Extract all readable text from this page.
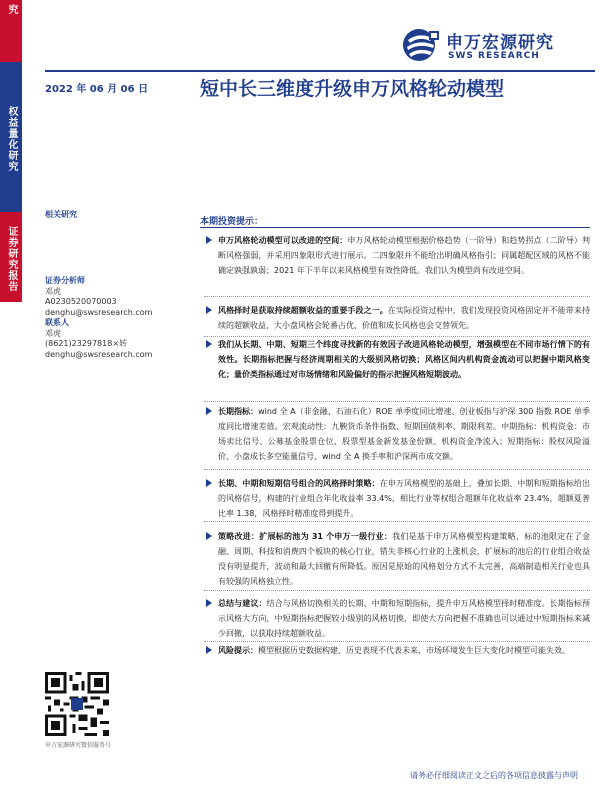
权益量化研究
权益量化研究
证券研究报告
申万宏源研究
SWS RESEARCH
2022 年 06 月 06 日	短中长三维度升级申万风格轮动模型
相关研究
证券分析师
邓虎
A0230520070003
denghu@swsresearch.com
联系人
邓虎
(8621)23297818×转
denghu@swsresearch.com
申万宏源研究微信服务号
本期投资提示：
申万风格轮动模型可以改进的空间：申万风格轮动模型根据价格趋势（一阶导）和趋势拐点（二阶导）判断风格强弱，并采用四象限形式进行展示。二四象限并不能给出明确风格指引；同属超配区域的风格不能确定孰强孰弱；2021 年下半年以来风格模型有效性降低。我们认为模型尚有改进空间。
风格择时是获取持续超额收益的重要手段之一。在实际投资过程中，我们发现投资风格固定并不能带来持续的超额收益，大小盘风格会轮番占优，价值和成长风格也会交替领先。
我们从长期、中期、短期三个纬度寻找新的有效因子改进风格轮动模型，增强模型在不同市场行情下的有效性。长期指标把握与经济周期相关的大级别风格切换；风格区间内机构资金流动可以把握中期风格变化；量价类指标通过对市场情绪和风险偏好的指示把握风格短期波动。
长期指标：wind 全 A（非金融、石油石化）ROE 单季度同比增速、创业板指与沪深 300 指数 ROE 单季度同比增速差值。宏观流动性：九鞅货币条件指数、短期国债利率、期限利差。中期指标：机构资金：市场卖比信号、公募基金股票仓位、股票型基金新发基金份额、机构资金净流入；短期指标：股权风险溢价、小盘成长多空能量信号、wind 全 A 换手率和沪深两市成交额。
长期、中期和短期信号组合的风格择时策略：在申万风格模型的基础上，叠加长期、中期和短期指标给出的风格信号，构建的行业组合年化收益率 33.4%，相比行业等权组合超额年化收益率 23.4%，超额夏普比率 1.38，风格择时精准度得到提升。
策略改进：扩展标的池为 31 个申万一级行业：我们是基于申万风格模型构建策略，标的池限定在了金融、周期、科技和消费四个板块的核心行业，错失非核心行业的上涨机会，扩展标的池后的行业组合收益没有明显提升，波动和最大回撤有所降低。原因是原始的风格划分方式不太完善，高端制造相关行业也具有较强的风格独立性。
总结与建议：结合与风格切换相关的长期、中期和短期指标，提升申万风格模型择时精准度。长期指标预示风格大方向，中短期指标把握较小级别的风格切换，即使大方向把握不准确也可以通过中短期指标来减少回撤，以获取持续超额收益。
风险提示：模型根据历史数据构建，历史表现不代表未来，市场环境发生巨大变化时模型可能失效。
请务必仔细阅读正文之后的各项信息披露与声明
